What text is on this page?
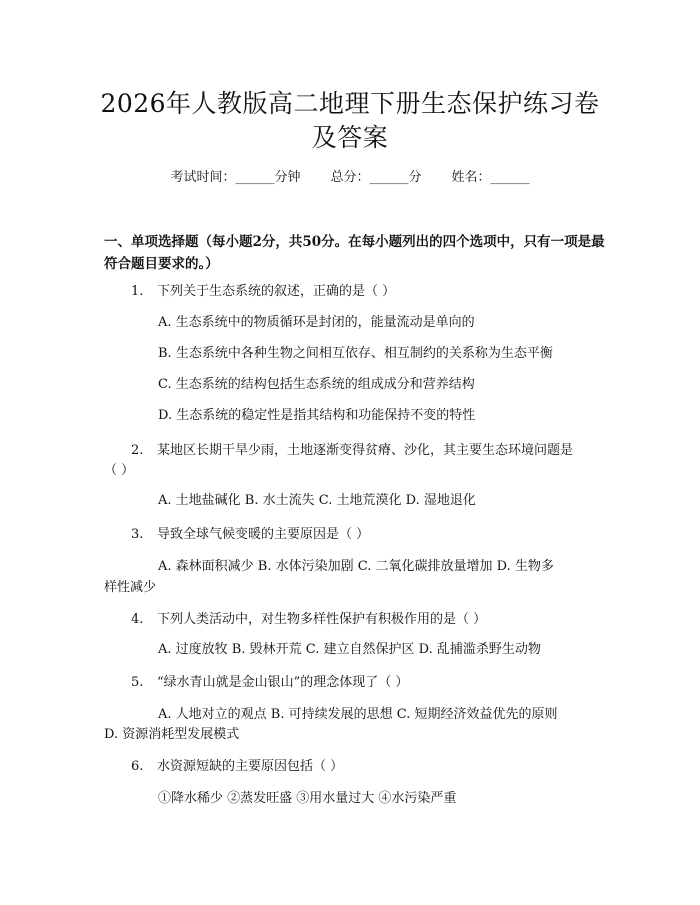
2026年人教版高二地理下册生态保护练习卷
及答案
考试时间：______分钟 总分：______分 姓名：______
一、单项选择题（每小题2分，共50分。在每小题列出的四个选项中，只有一项是最符合题目要求的。）
1. 下列关于生态系统的叙述，正确的是（ ）
A. 生态系统中的物质循环是封闭的，能量流动是单向的
B. 生态系统中各种生物之间相互依存、相互制约的关系称为生态平衡
C. 生态系统的结构包括生态系统的组成成分和营养结构
D. 生态系统的稳定性是指其结构和功能保持不变的特性
2. 某地区长期干旱少雨，土地逐渐变得贫瘠、沙化，其主要生态环境问题是
（ ）
A. 土地盐碱化 B. 水土流失 C. 土地荒漠化 D. 湿地退化
3. 导致全球气候变暖的主要原因是（ ）
A. 森林面积减少 B. 水体污染加剧 C. 二氧化碳排放量增加 D. 生物多
样性减少
4. 下列人类活动中，对生物多样性保护有积极作用的是（ ）
A. 过度放牧 B. 毁林开荒 C. 建立自然保护区 D. 乱捕滥杀野生动物
5. “绿水青山就是金山银山”的理念体现了（ ）
A. 人地对立的观点 B. 可持续发展的思想 C. 短期经济效益优先的原则
D. 资源消耗型发展模式
6. 水资源短缺的主要原因包括（ ）
①降水稀少 ②蒸发旺盛 ③用水量过大 ④水污染严重
